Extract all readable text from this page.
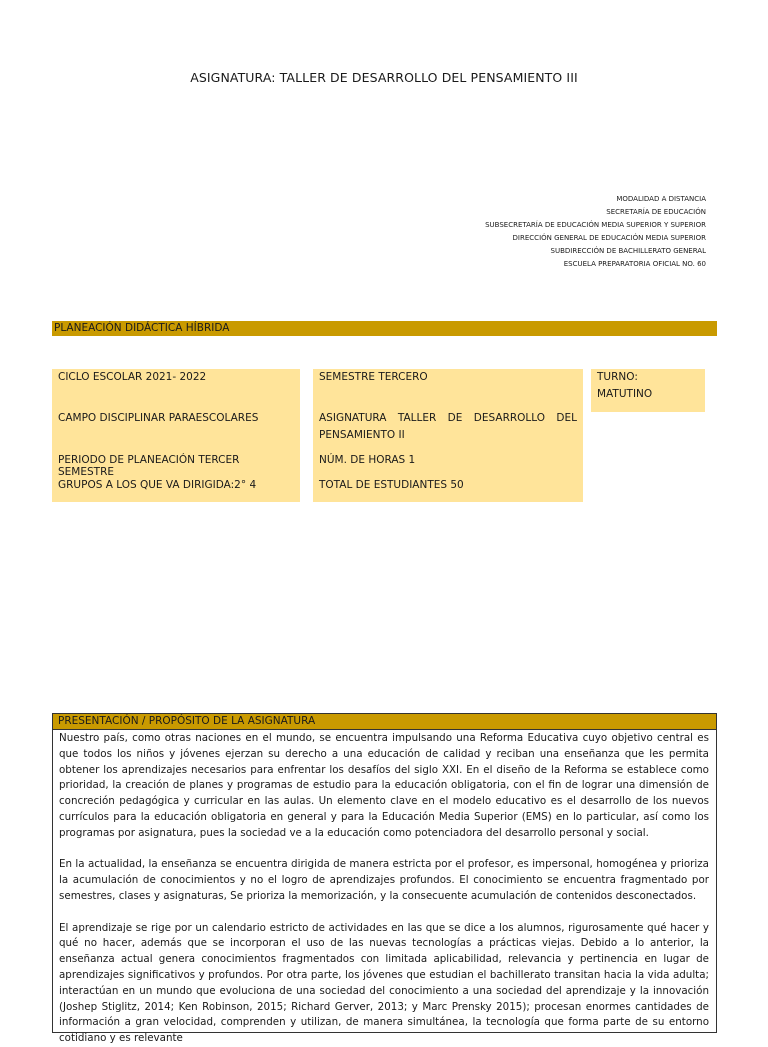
ASIGNATURA: TALLER DE DESARROLLO DEL PENSAMIENTO III
MODALIDAD A DISTANCIA
SECRETARÍA DE EDUCACIÓN
SUBSECRETARÍA DE EDUCACIÓN MEDIA SUPERIOR Y SUPERIOR
DIRECCIÓN GENERAL DE EDUCACIÓN MEDIA SUPERIOR
SUBDIRECCIÓN DE BACHILLERATO GENERAL
ESCUELA PREPARATORIA OFICIAL NO. 60
PLANEACIÓN DIDÁCTICA HÍBRIDA
CICLO ESCOLAR 2021- 2022
CAMPO DISCIPLINAR PARAESCOLARES
PERIODO DE PLANEACIÓN TERCER SEMESTRE
GRUPOS A LOS QUE VA DIRIGIDA:2° 4
SEMESTRE TERCERO
ASIGNATURA TALLER DE DESARROLLO DEL
PENSAMIENTO II
NÚM. DE HORAS 1
TOTAL DE ESTUDIANTES 50
TURNO:
MATUTINO
PRESENTACIÓN / PROPÓSITO DE LA ASIGNATURA

Nuestro país, como otras naciones en el mundo, se encuentra impulsando una Reforma Educativa cuyo objetivo central es que todos los niños y jóvenes ejerzan su derecho a una educación de calidad y reciban una enseñanza que les permita obtener los aprendizajes necesarios para enfrentar los desafíos del siglo XXI. En el diseño de la Reforma se establece como prioridad, la creación de planes y programas de estudio para la educación obligatoria, con el fin de lograr una dimensión de concreción pedagógica y curricular en las aulas. Un elemento clave en el modelo educativo es el desarrollo de los nuevos currículos para la educación obligatoria en general y para la Educación Media Superior (EMS) en lo particular, así como los programas por asignatura, pues la sociedad ve a la educación como potenciadora del desarrollo personal y social.

En la actualidad, la enseñanza se encuentra dirigida de manera estricta por el profesor, es impersonal, homogénea y prioriza la acumulación de conocimientos y no el logro de aprendizajes profundos. El conocimiento se encuentra fragmentado por semestres, clases y asignaturas, Se prioriza la memorización, y la consecuente acumulación de contenidos desconectados.

El aprendizaje se rige por un calendario estricto de actividades en las que se dice a los alumnos, rigurosamente qué hacer y qué no hacer, además que se incorporan el uso de las nuevas tecnologías a prácticas viejas. Debido a lo anterior, la enseñanza actual genera conocimientos fragmentados con limitada aplicabilidad, relevancia y pertinencia en lugar de aprendizajes significativos y profundos. Por otra parte, los jóvenes que estudian el bachillerato transitan hacia la vida adulta; interactúan en un mundo que evoluciona de una sociedad del conocimiento a una sociedad del aprendizaje y la innovación (Joshep Stiglitz, 2014; Ken Robinson, 2015; Richard Gerver, 2013; y Marc Prensky 2015); procesan enormes cantidades de información a gran velocidad, comprenden y utilizan, de manera simultánea, la tecnología que forma parte de su entorno cotidiano y es relevante
